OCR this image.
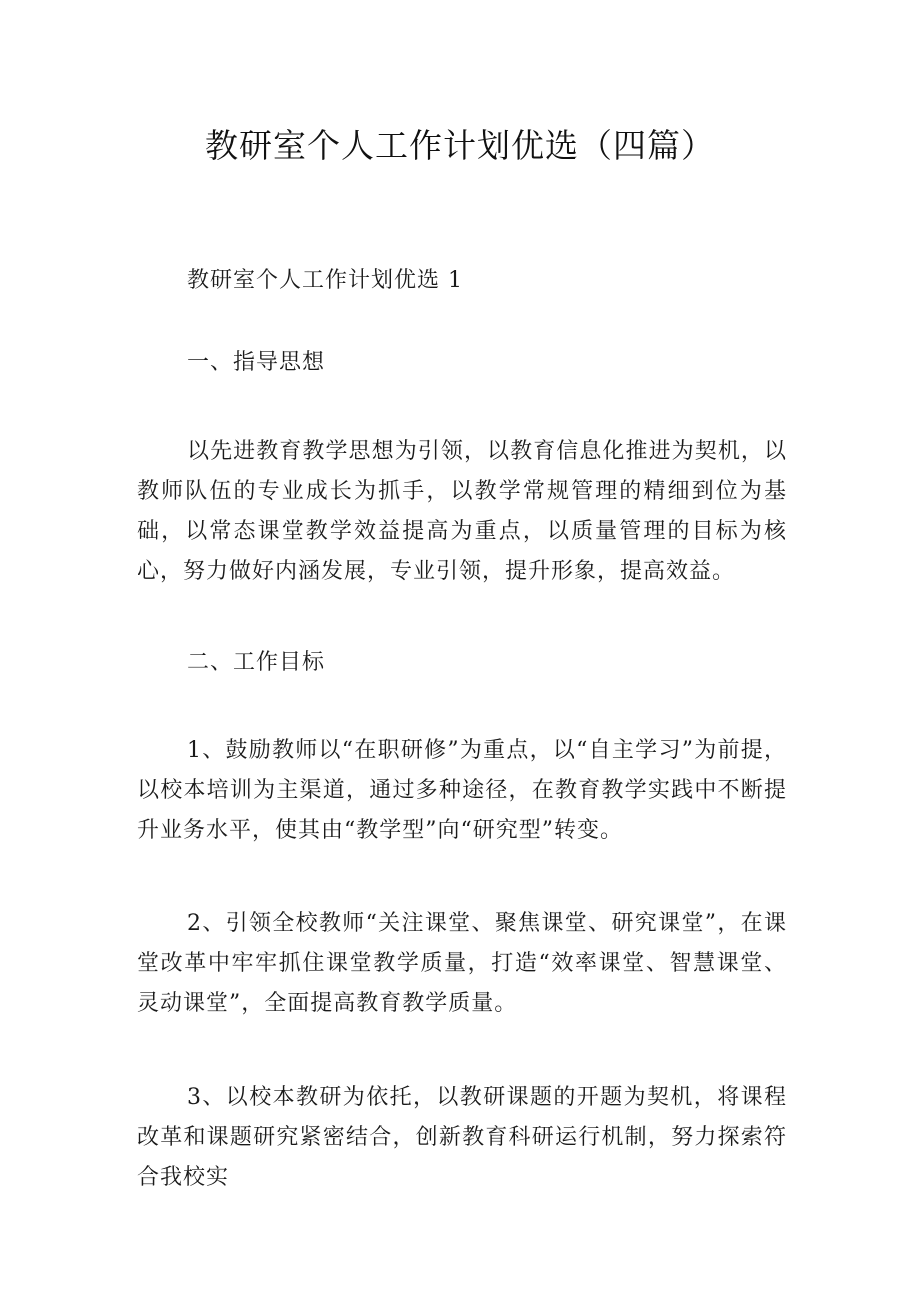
教研室个人工作计划优选（四篇）

教研室个人工作计划优选 1

一、指导思想

以先进教育教学思想为引领，以教育信息化推进为契机，以教师队伍的专业成长为抓手，以教学常规管理的精细到位为基础，以常态课堂教学效益提高为重点，以质量管理的目标为核心，努力做好内涵发展，专业引领，提升形象，提高效益。

二、工作目标

1、鼓励教师以“在职研修”为重点，以“自主学习”为前提，以校本培训为主渠道，通过多种途径，在教育教学实践中不断提升业务水平，使其由“教学型”向“研究型”转变。

2、引领全校教师“关注课堂、聚焦课堂、研究课堂”，在课堂改革中牢牢抓住课堂教学质量，打造“效率课堂、智慧课堂、灵动课堂”，全面提高教育教学质量。

3、以校本教研为依托，以教研课题的开题为契机，将课程改革和课题研究紧密结合，创新教育科研运行机制，努力探索符合我校实
